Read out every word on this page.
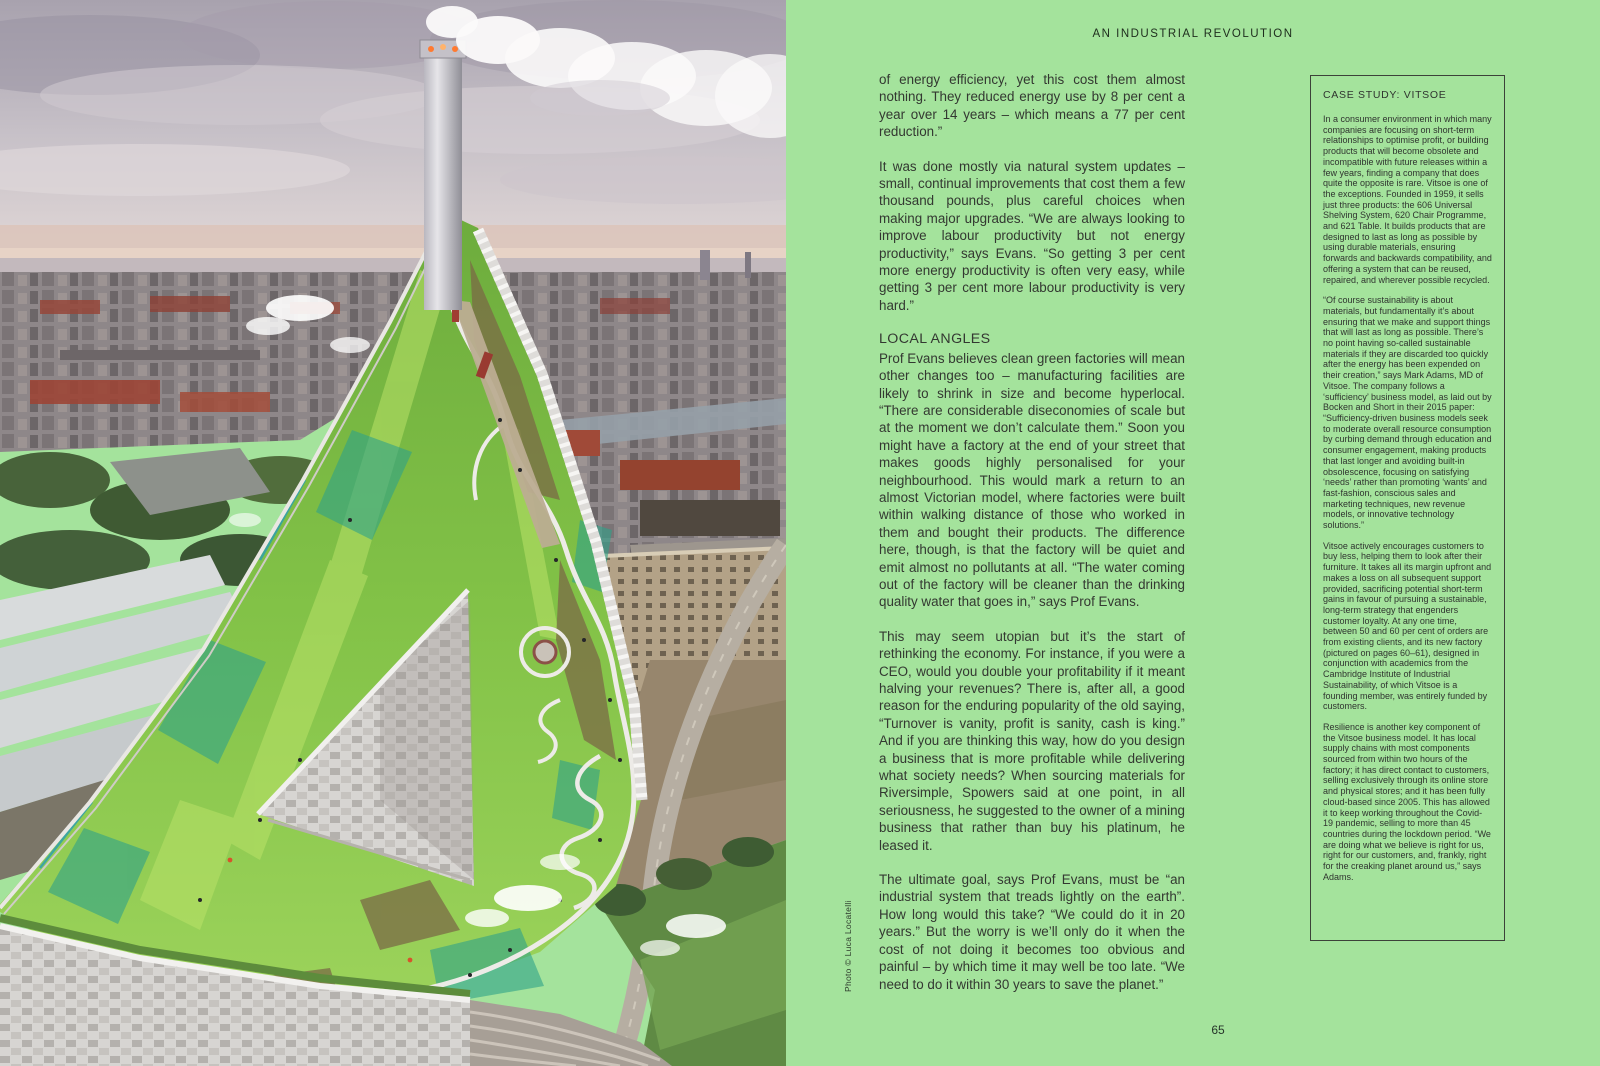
AN INDUSTRIAL REVOLUTION

of energy efficiency, yet this cost them almost nothing. They reduced energy use by 8 per cent a year over 14 years – which means a 77 per cent reduction.”

It was done mostly via natural system updates – small, continual improvements that cost them a few thousand pounds, plus careful choices when making major upgrades. “We are always looking to improve labour productivity but not energy productivity,” says Evans. “So getting 3 per cent more energy productivity is often very easy, while getting 3 per cent more labour productivity is very hard.”

LOCAL ANGLES

Prof Evans believes clean green factories will mean other changes too – manufacturing facilities are likely to shrink in size and become hyperlocal. “There are considerable diseconomies of scale but at the moment we don’t calculate them.” Soon you might have a factory at the end of your street that makes goods highly personalised for your neighbourhood. This would mark a return to an almost Victorian model, where factories were built within walking distance of those who worked in them and bought their products. The difference here, though, is that the factory will be quiet and emit almost no pollutants at all. “The water coming out of the factory will be cleaner than the drinking quality water that goes in,” says Prof Evans.

This may seem utopian but it’s the start of rethinking the economy. For instance, if you were a CEO, would you double your profitability if it meant halving your revenues? There is, after all, a good reason for the enduring popularity of the old saying, “Turnover is vanity, profit is sanity, cash is king.” And if you are thinking this way, how do you design a business that is more profitable while delivering what society needs? When sourcing materials for Riversimple, Spowers said at one point, in all seriousness, he suggested to the owner of a mining business that rather than buy his platinum, he leased it.

The ultimate goal, says Prof Evans, must be “an industrial system that treads lightly on the earth”. How long would this take? “We could do it in 20 years.” But the worry is we’ll only do it when the cost of not doing it becomes too obvious and painful – by which time it may well be too late. “We need to do it within 30 years to save the planet.”

CASE STUDY: VITSOE

In a consumer environment in which many companies are focusing on short-term relationships to optimise profit, or building products that will become obsolete and incompatible with future releases within a few years, finding a company that does quite the opposite is rare. Vitsoe is one of the exceptions. Founded in 1959, it sells just three products: the 606 Universal Shelving System, 620 Chair Programme, and 621 Table. It builds products that are designed to last as long as possible by using durable materials, ensuring forwards and backwards compatibility, and offering a system that can be reused, repaired, and wherever possible recycled.

“Of course sustainability is about materials, but fundamentally it’s about ensuring that we make and support things that will last as long as possible. There’s no point having so-called sustainable materials if they are discarded too quickly after the energy has been expended on their creation,” says Mark Adams, MD of Vitsoe. The company follows a ‘sufficiency’ business model, as laid out by Bocken and Short in their 2015 paper: “Sufficiency-driven business models seek to moderate overall resource consumption by curbing demand through education and consumer engagement, making products that last longer and avoiding built-in obsolescence, focusing on satisfying ‘needs’ rather than promoting ‘wants’ and fast-fashion, conscious sales and marketing techniques, new revenue models, or innovative technology solutions.”

Vitsoe actively encourages customers to buy less, helping them to look after their furniture. It takes all its margin upfront and makes a loss on all subsequent support provided, sacrificing potential short-term gains in favour of pursuing a sustainable, long-term strategy that engenders customer loyalty. At any one time, between 50 and 60 per cent of orders are from existing clients, and its new factory (pictured on pages 60–61), designed in conjunction with academics from the Cambridge Institute of Industrial Sustainability, of which Vitsoe is a founding member, was entirely funded by customers.

Resilience is another key component of the Vitsoe business model. It has local supply chains with most components sourced from within two hours of the factory; it has direct contact to customers, selling exclusively through its online store and physical stores; and it has been fully cloud-based since 2005. This has allowed it to keep working throughout the Covid-19 pandemic, selling to more than 45 countries during the lockdown period. “We are doing what we believe is right for us, right for our customers, and, frankly, right for the creaking planet around us,” says Adams.

Photo © Luca Locatelli
65
